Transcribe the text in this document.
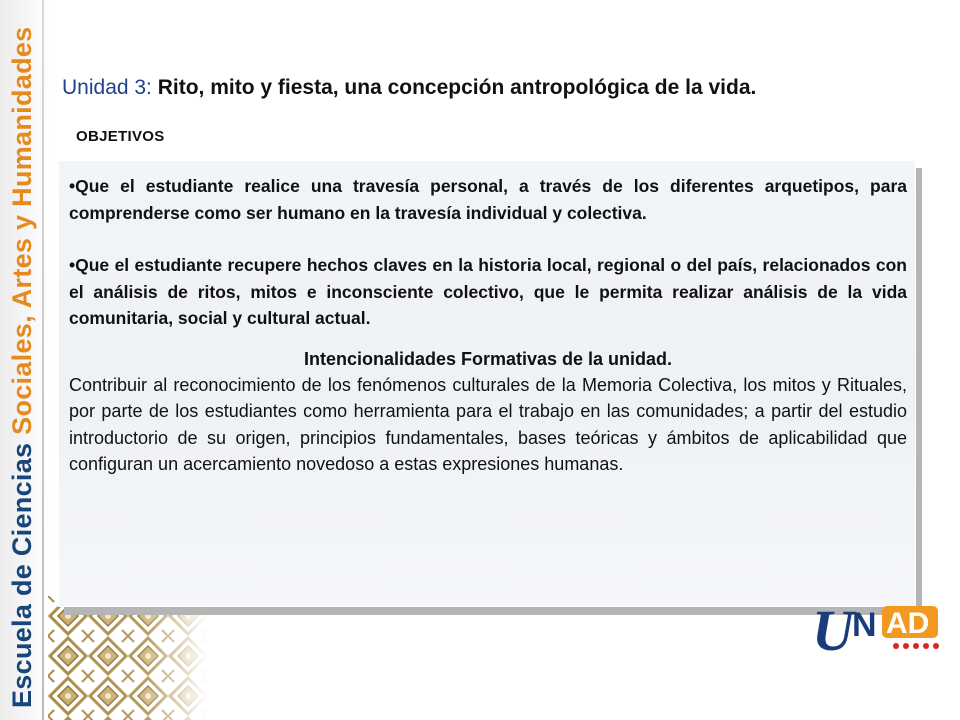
Escuela de Ciencias Sociales, Artes y Humanidades Unidad 3: Rito, mito y fiesta, una concepción antropológica de la vida.
OBJETIVOS

•Que el estudiante realice una travesía personal, a través de los diferentes arquetipos, para comprenderse como ser humano en la travesía individual y colectiva.

•Que el estudiante recupere hechos claves en la historia local, regional o del país, relacionados con el análisis de ritos, mitos e inconsciente colectivo, que le permita realizar análisis de la vida comunitaria, social y cultural actual.

Intencionalidades Formativas de la unidad.

Contribuir al reconocimiento de los fenómenos culturales de la Memoria Colectiva, los mitos y Rituales, por parte de los estudiantes como herramienta para el trabajo en las comunidades; a partir del estudio introductorio de su origen, principios fundamentales, bases teóricas y ámbitos de aplicabilidad que configuran un acercamiento novedoso a estas expresiones humanas.

U
N AD
